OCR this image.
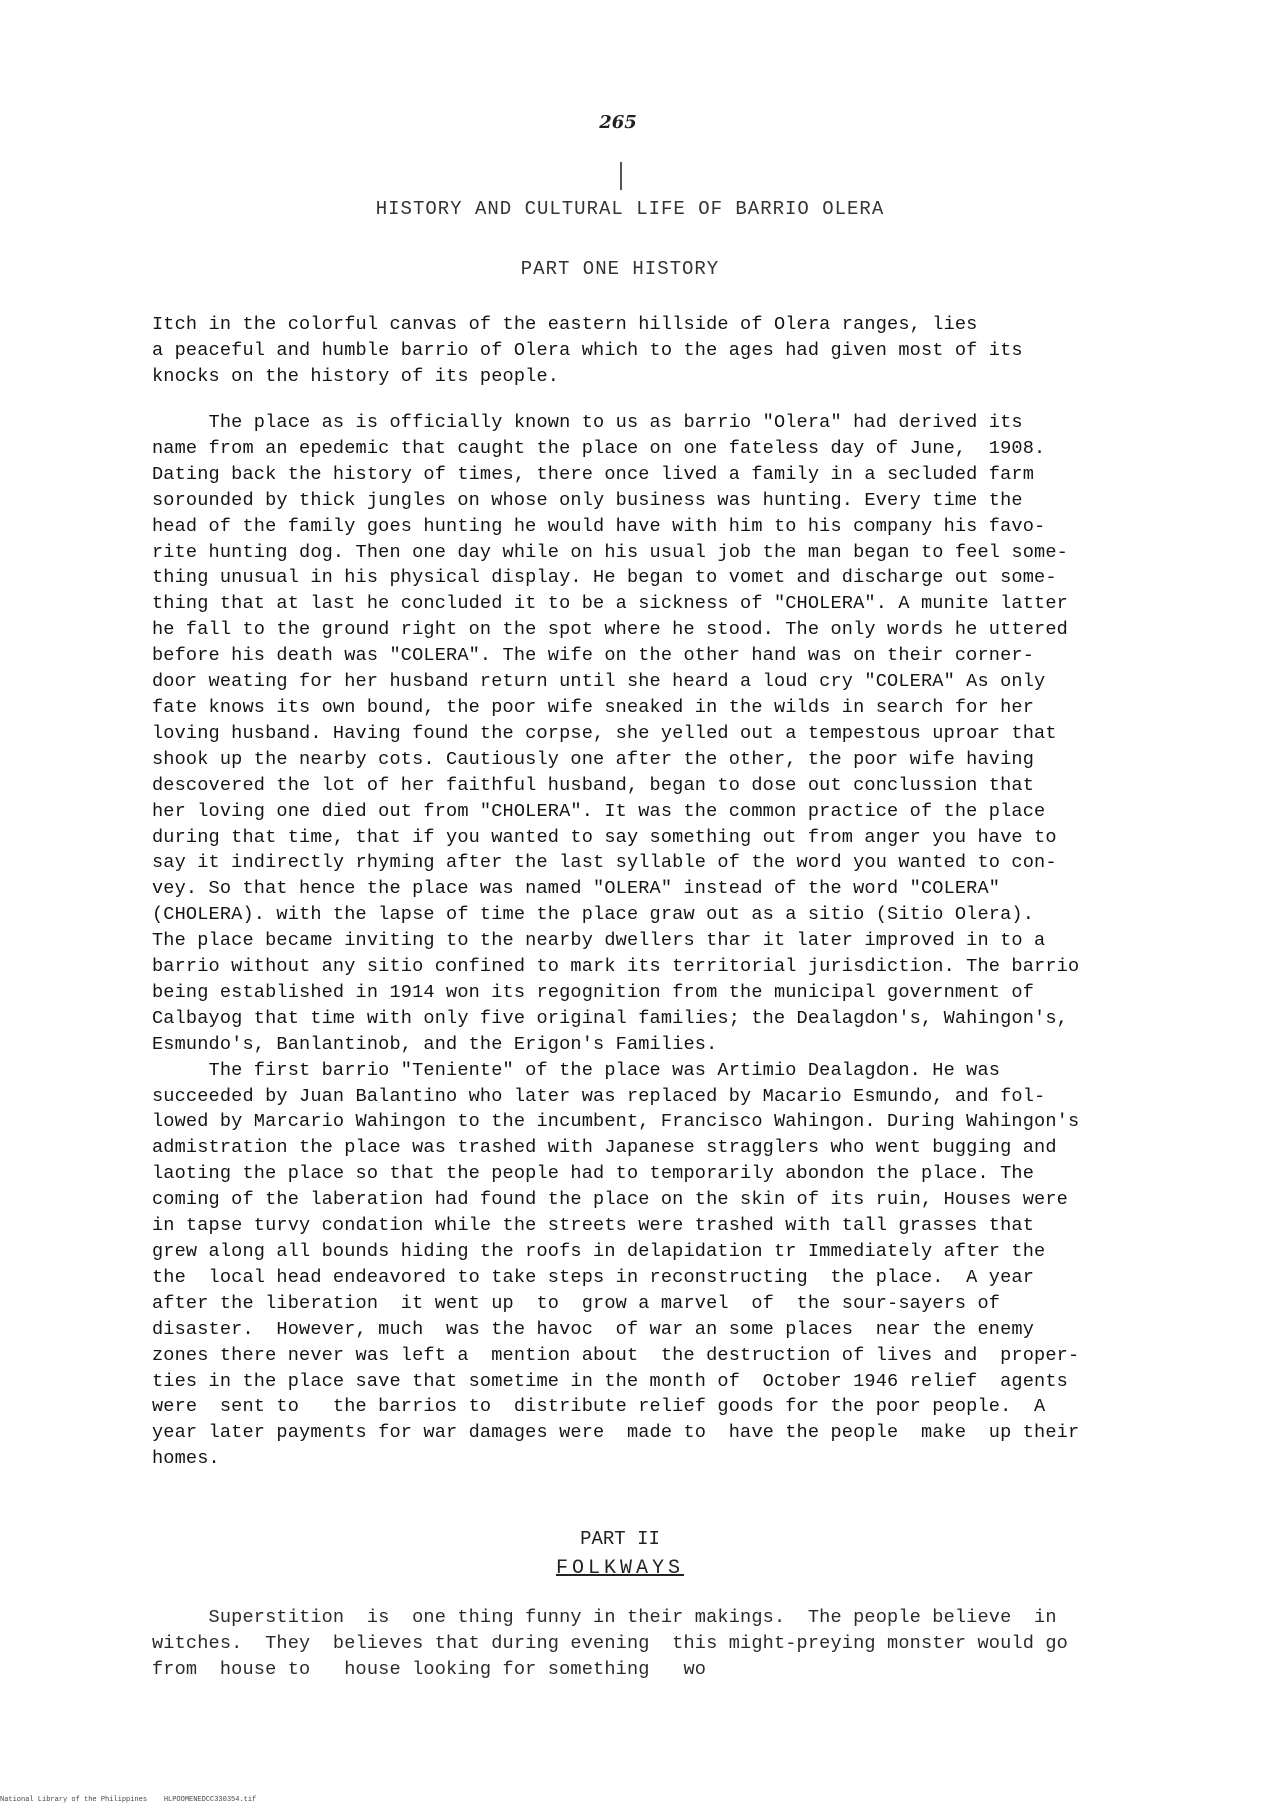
265
HISTORY AND CULTURAL LIFE OF BARRIO OLERA
PART ONE HISTORY
Itch in the colorful canvas of the eastern hillside of Olera ranges, lies
a peaceful and humble barrio of Olera which to the ages had given most of its
knocks on the history of its people.
The place as is officially known to us as barrio "Olera" had derived its
name from an epedemic that caught the place on one fateless day of June,  1908.
Dating back the history of times, there once lived a family in a secluded farm
sorounded by thick jungles on whose only business was hunting. Every time the
head of the family goes hunting he would have with him to his company his favo-
rite hunting dog. Then one day while on his usual job the man began to feel some-
thing unusual in his physical display. He began to vomet and discharge out some-
thing that at last he concluded it to be a sickness of "CHOLERA". A munite latter
he fall to the ground right on the spot where he stood. The only words he uttered
before his death was "COLERA". The wife on the other hand was on their corner-
door weating for her husband return until she heard a loud cry "COLERA" As only
fate knows its own bound, the poor wife sneaked in the wilds in search for her
loving husband. Having found the corpse, she yelled out a tempestous uproar that
shook up the nearby cots. Cautiously one after the other, the poor wife having
descovered the lot of her faithful husband, began to dose out conclussion that
her loving one died out from "CHOLERA". It was the common practice of the place
during that time, that if you wanted to say something out from anger you have to
say it indirectly rhyming after the last syllable of the word you wanted to con-
vey. So that hence the place was named "OLERA" instead of the word "COLERA"
(CHOLERA). with the lapse of time the place graw out as a sitio (Sitio Olera).
The place became inviting to the nearby dwellers thar it later improved in to a
barrio without any sitio confined to mark its territorial jurisdiction. The barrio
being established in 1914 won its regognition from the municipal government of
Calbayog that time with only five original families; the Dealagdon's, Wahingon's,
Esmundo's, Banlantinob, and the Erigon's Families.
The first barrio "Teniente" of the place was Artimio Dealagdon. He was
succeeded by Juan Balantino who later was replaced by Macario Esmundo, and fol-
lowed by Marcario Wahingon to the incumbent, Francisco Wahingon. During Wahingon's
admistration the place was trashed with Japanese stragglers who went bugging and
laoting the place so that the people had to temporarily abondon the place. The
coming of the laberation had found the place on the skin of its ruin, Houses were
in tapse turvy condation while the streets were trashed with tall grasses that
grew along all bounds hiding the roofs in delapidation tr Immediately after the
the  local head endeavored to take steps in reconstructing  the place.  A year
after the liberation  it went up  to  grow a marvel  of  the sour-sayers of
disaster.  However, much  was the havoc  of war an some places  near the enemy
zones there never was left a  mention about  the destruction of lives and  proper-
ties in the place save that sometime in the month of  October 1946 relief  agents
were  sent to   the barrios to  distribute relief goods for the poor people.  A
year later payments for war damages were  made to  have the people  make  up their
homes.
PART II
FOLKWAYS
Superstition  is  one thing funny in their makings.  The people believe  in
witches.  They  believes that during evening  this might-preying monster would go
from  house to   house looking for something   wo
National Library of the Philippines    HLPOOMENEDCC330354.tif
